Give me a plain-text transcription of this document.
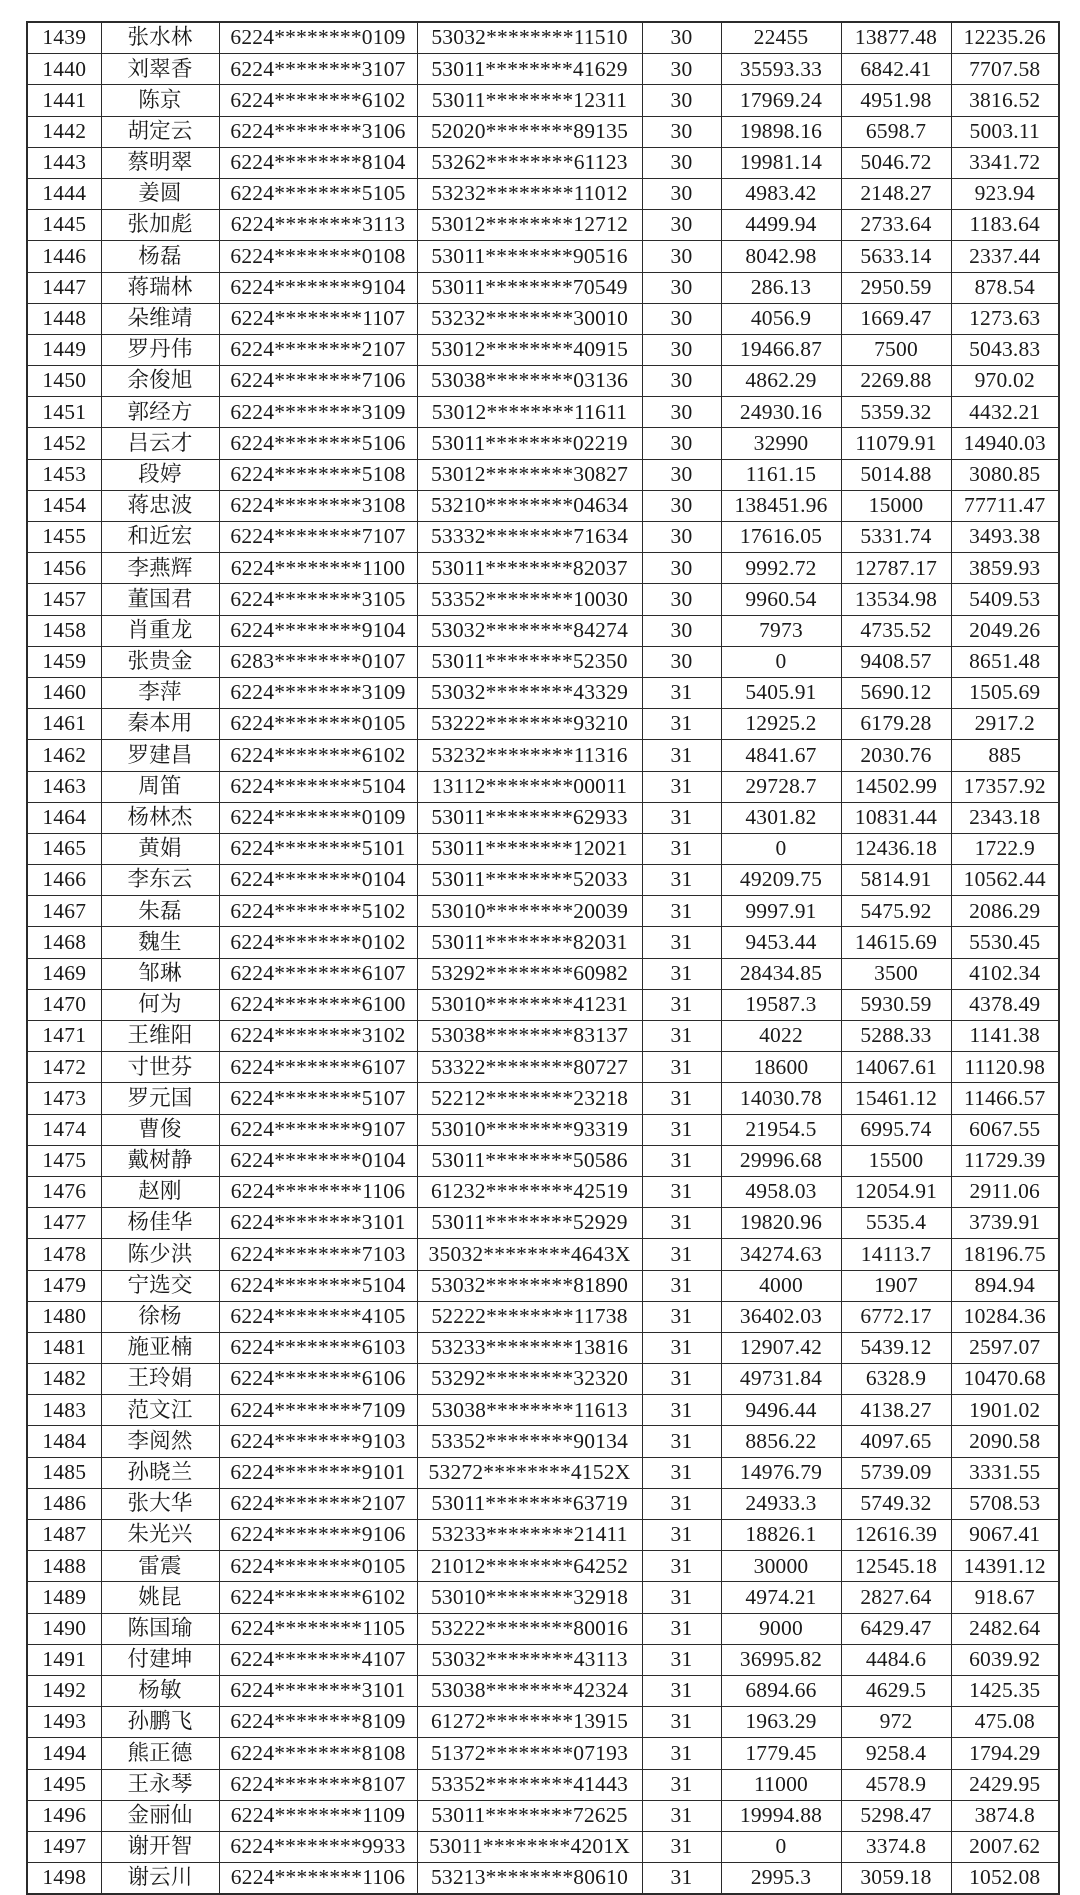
1439	张水林	6224********0109	53032********11510	30	22455	13877.48	12235.26
1440	刘翠香	6224********3107	53011********41629	30	35593.33	6842.41	7707.58
1441	陈京	6224********6102	53011********12311	30	17969.24	4951.98	3816.52
1442	胡定云	6224********3106	52020********89135	30	19898.16	6598.7	5003.11
1443	蔡明翠	6224********8104	53262********61123	30	19981.14	5046.72	3341.72
1444	姜圆	6224********5105	53232********11012	30	4983.42	2148.27	923.94
1445	张加彪	6224********3113	53012********12712	30	4499.94	2733.64	1183.64
1446	杨磊	6224********0108	53011********90516	30	8042.98	5633.14	2337.44
1447	蒋瑞林	6224********9104	53011********70549	30	286.13	2950.59	878.54
1448	朵维靖	6224********1107	53232********30010	30	4056.9	1669.47	1273.63
1449	罗丹伟	6224********2107	53012********40915	30	19466.87	7500	5043.83
1450	余俊旭	6224********7106	53038********03136	30	4862.29	2269.88	970.02
1451	郭经方	6224********3109	53012********11611	30	24930.16	5359.32	4432.21
1452	吕云才	6224********5106	53011********02219	30	32990	11079.91	14940.03
1453	段婷	6224********5108	53012********30827	30	1161.15	5014.88	3080.85
1454	蒋忠波	6224********3108	53210********04634	30	138451.96	15000	77711.47
1455	和近宏	6224********7107	53332********71634	30	17616.05	5331.74	3493.38
1456	李燕辉	6224********1100	53011********82037	30	9992.72	12787.17	3859.93
1457	董国君	6224********3105	53352********10030	30	9960.54	13534.98	5409.53
1458	肖重龙	6224********9104	53032********84274	30	7973	4735.52	2049.26
1459	张贵金	6283********0107	53011********52350	30	0	9408.57	8651.48
1460	李萍	6224********3109	53032********43329	31	5405.91	5690.12	1505.69
1461	秦本用	6224********0105	53222********93210	31	12925.2	6179.28	2917.2
1462	罗建昌	6224********6102	53232********11316	31	4841.67	2030.76	885
1463	周笛	6224********5104	13112********00011	31	29728.7	14502.99	17357.92
1464	杨林杰	6224********0109	53011********62933	31	4301.82	10831.44	2343.18
1465	黄娟	6224********5101	53011********12021	31	0	12436.18	1722.9
1466	李东云	6224********0104	53011********52033	31	49209.75	5814.91	10562.44
1467	朱磊	6224********5102	53010********20039	31	9997.91	5475.92	2086.29
1468	魏生	6224********0102	53011********82031	31	9453.44	14615.69	5530.45
1469	邹琳	6224********6107	53292********60982	31	28434.85	3500	4102.34
1470	何为	6224********6100	53010********41231	31	19587.3	5930.59	4378.49
1471	王维阳	6224********3102	53038********83137	31	4022	5288.33	1141.38
1472	寸世芬	6224********6107	53322********80727	31	18600	14067.61	11120.98
1473	罗元国	6224********5107	52212********23218	31	14030.78	15461.12	11466.57
1474	曹俊	6224********9107	53010********93319	31	21954.5	6995.74	6067.55
1475	戴树静	6224********0104	53011********50586	31	29996.68	15500	11729.39
1476	赵刚	6224********1106	61232********42519	31	4958.03	12054.91	2911.06
1477	杨佳华	6224********3101	53011********52929	31	19820.96	5535.4	3739.91
1478	陈少洪	6224********7103	35032********4643X	31	34274.63	14113.7	18196.75
1479	宁选交	6224********5104	53032********81890	31	4000	1907	894.94
1480	徐杨	6224********4105	52222********11738	31	36402.03	6772.17	10284.36
1481	施亚楠	6224********6103	53233********13816	31	12907.42	5439.12	2597.07
1482	王玲娟	6224********6106	53292********32320	31	49731.84	6328.9	10470.68
1483	范文江	6224********7109	53038********11613	31	9496.44	4138.27	1901.02
1484	李阅然	6224********9103	53352********90134	31	8856.22	4097.65	2090.58
1485	孙晓兰	6224********9101	53272********4152X	31	14976.79	5739.09	3331.55
1486	张大华	6224********2107	53011********63719	31	24933.3	5749.32	5708.53
1487	朱光兴	6224********9106	53233********21411	31	18826.1	12616.39	9067.41
1488	雷震	6224********0105	21012********64252	31	30000	12545.18	14391.12
1489	姚昆	6224********6102	53010********32918	31	4974.21	2827.64	918.67
1490	陈国瑜	6224********1105	53222********80016	31	9000	6429.47	2482.64
1491	付建坤	6224********4107	53032********43113	31	36995.82	4484.6	6039.92
1492	杨敏	6224********3101	53038********42324	31	6894.66	4629.5	1425.35
1493	孙鹏飞	6224********8109	61272********13915	31	1963.29	972	475.08
1494	熊正德	6224********8108	51372********07193	31	1779.45	9258.4	1794.29
1495	王永琴	6224********8107	53352********41443	31	11000	4578.9	2429.95
1496	金丽仙	6224********1109	53011********72625	31	19994.88	5298.47	3874.8
1497	谢开智	6224********9933	53011********4201X	31	0	3374.8	2007.62
1498	谢云川	6224********1106	53213********80610	31	2995.3	3059.18	1052.08
